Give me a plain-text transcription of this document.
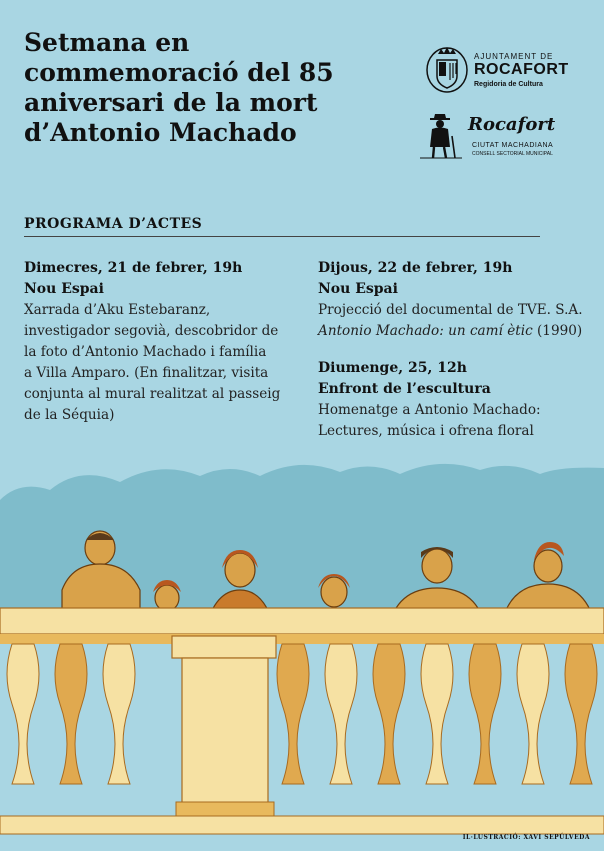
Setmana en
commemoració del 85
aniversari de la mort
d’Antonio Machado
AJUNTAMENT DE
ROCAFORT
Regidoria de Cultura
Rocafort
CIUTAT MACHADIANA
CONSELL SECTORIAL MUNICIPAL
PROGRAMA D’ACTES
Dimecres, 21 de febrer, 19h
Nou Espai
Xarrada d’Aku Estebaranz,
investigador segovià, descobridor de
la foto d’Antonio Machado i família
a Villa Amparo. (En finalitzar, visita
conjunta al mural realitzat al passeig
de la Séquia)
Dijous, 22 de febrer, 19h
Nou Espai
Projecció del documental de TVE. S.A.
Antonio Machado: un camí ètic (1990)
Diumenge, 25, 12h
Enfront de l’escultura
Homenatge a Antonio Machado:
Lectures, música i ofrena floral
IL·LUSTRACIÓ: XAVI SEPÚLVEDA
